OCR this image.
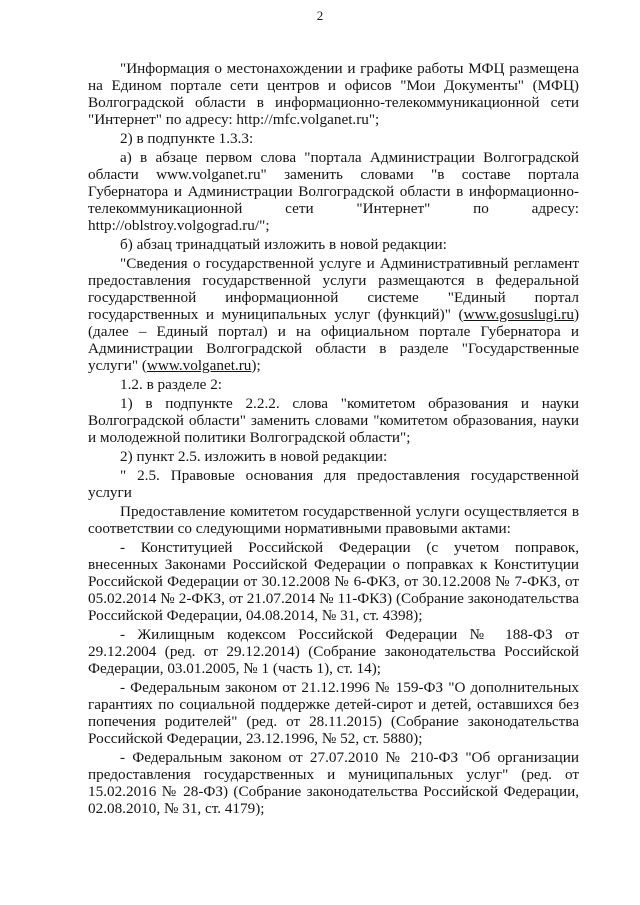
2

"Информация о местонахождении и графике работы МФЦ размещена на Едином портале сети центров и офисов "Мои Документы" (МФЦ) Волгоградской области в информационно-телекоммуникационной сети "Интернет" по адресу: http://mfc.volganet.ru";

2) в подпункте 1.3.3:

а) в абзаце первом слова "портала Администрации Волгоградской области www.volganet.ru" заменить словами "в составе портала Губернатора и Администрации Волгоградской области в информационно-телекоммуникационной сети "Интернет" по адресу: http://oblstroy.volgograd.ru/";

б) абзац тринадцатый изложить в новой редакции:

"Сведения о государственной услуге и Административный регламент предоставления государственной услуги размещаются в федеральной государственной информационной системе "Единый портал государственных и муниципальных услуг (функций)" (www.gosuslugi.ru) (далее – Единый портал) и на официальном портале Губернатора и Администрации Волгоградской области в разделе "Государственные услуги" (www.volganet.ru);

1.2. в разделе 2:

1) в подпункте 2.2.2. слова "комитетом образования и науки Волгоградской области" заменить словами "комитетом образования, науки и молодежной политики Волгоградской области";

2) пункт 2.5. изложить в новой редакции:

" 2.5. Правовые основания для предоставления государственной услуги

Предоставление комитетом государственной услуги осуществляется в соответствии со следующими нормативными правовыми актами:

- Конституцией Российской Федерации (с учетом поправок, внесенных Законами Российской Федерации о поправках к Конституции Российской Федерации от 30.12.2008 № 6-ФКЗ, от 30.12.2008 № 7-ФКЗ, от 05.02.2014 № 2-ФКЗ, от 21.07.2014 № 11-ФКЗ) (Собрание законодательства Российской Федерации, 04.08.2014, № 31, ст. 4398);

- Жилищным кодексом Российской Федерации № 188-ФЗ от 29.12.2004 (ред. от 29.12.2014) (Собрание законодательства Российской Федерации, 03.01.2005, № 1 (часть 1), ст. 14);

- Федеральным законом от 21.12.1996 № 159-ФЗ "О дополнительных гарантиях по социальной поддержке детей-сирот и детей, оставшихся без попечения родителей" (ред. от 28.11.2015) (Собрание законодательства Российской Федерации, 23.12.1996, № 52, ст. 5880);

- Федеральным законом от 27.07.2010 № 210-ФЗ "Об организации предоставления государственных и муниципальных услуг" (ред. от 15.02.2016 № 28-ФЗ) (Собрание законодательства Российской Федерации, 02.08.2010, № 31, ст. 4179);
